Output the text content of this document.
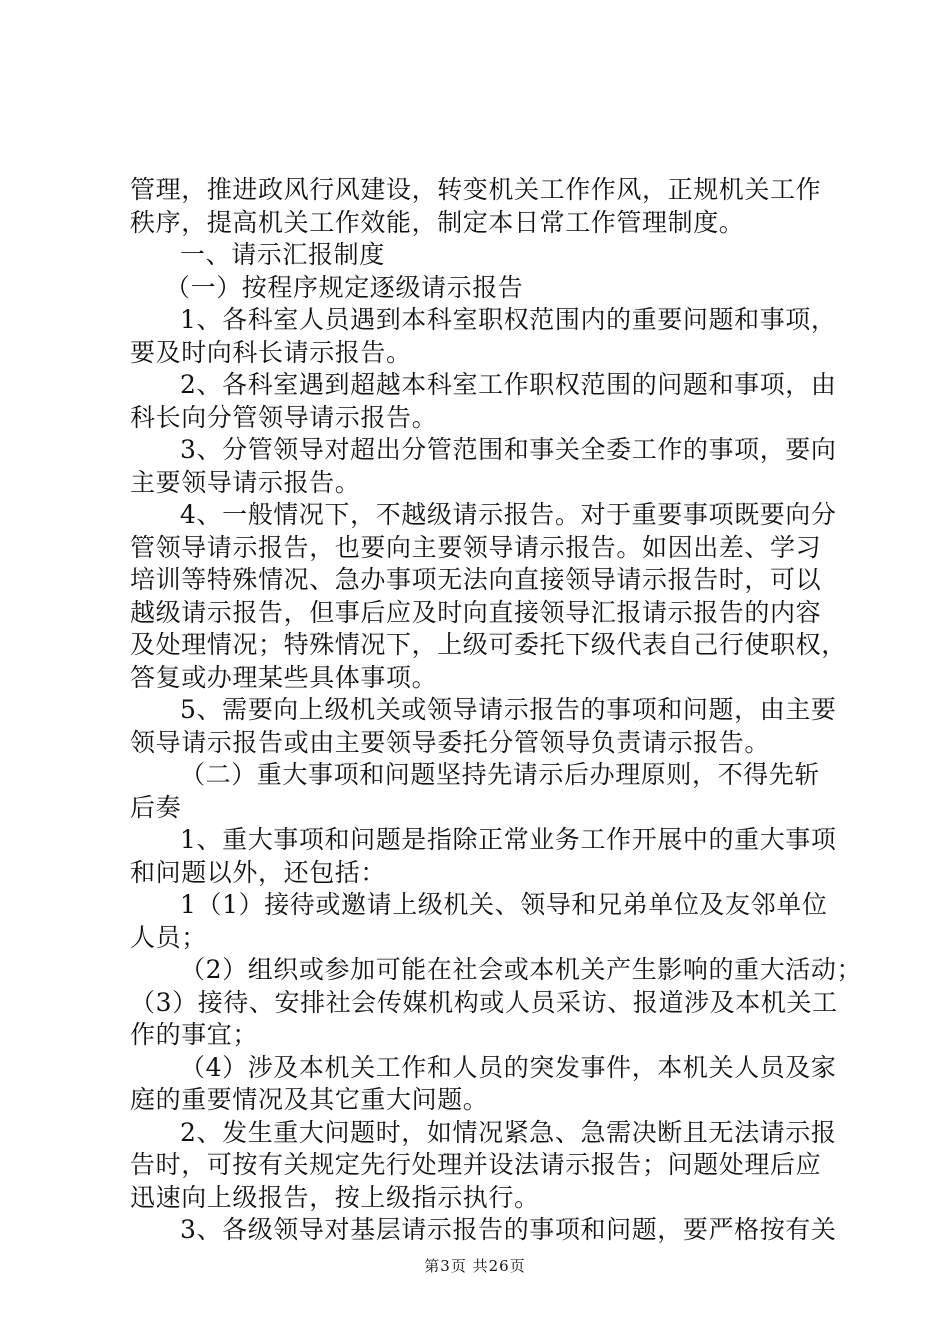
管理，推进政风行风建设，转变机关工作作风，正规机关工作
秩序，提高机关工作效能，制定本日常工作管理制度。
一、请示汇报制度
（一）按程序规定逐级请示报告
1、各科室人员遇到本科室职权范围内的重要问题和事项，
要及时向科长请示报告。
2、各科室遇到超越本科室工作职权范围的问题和事项，由
科长向分管领导请示报告。
3、分管领导对超出分管范围和事关全委工作的事项，要向
主要领导请示报告。
4、一般情况下，不越级请示报告。对于重要事项既要向分
管领导请示报告，也要向主要领导请示报告。如因出差、学习
培训等特殊情况、急办事项无法向直接领导请示报告时，可以
越级请示报告，但事后应及时向直接领导汇报请示报告的内容
及处理情况；特殊情况下，上级可委托下级代表自己行使职权，
答复或办理某些具体事项。
5、需要向上级机关或领导请示报告的事项和问题，由主要
领导请示报告或由主要领导委托分管领导负责请示报告。
（二）重大事项和问题坚持先请示后办理原则，不得先斩
后奏
1、重大事项和问题是指除正常业务工作开展中的重大事项
和问题以外，还包括：
1（1）接待或邀请上级机关、领导和兄弟单位及友邻单位
人员；
（2）组织或参加可能在社会或本机关产生影响的重大活动；
（3）接待、安排社会传媒机构或人员采访、报道涉及本机关工
作的事宜；
（4）涉及本机关工作和人员的突发事件，本机关人员及家
庭的重要情况及其它重大问题。
2、发生重大问题时，如情况紧急、急需决断且无法请示报
告时，可按有关规定先行处理并设法请示报告；问题处理后应
迅速向上级报告，按上级指示执行。
3、各级领导对基层请示报告的事项和问题，要严格按有关
第3页 共26页
